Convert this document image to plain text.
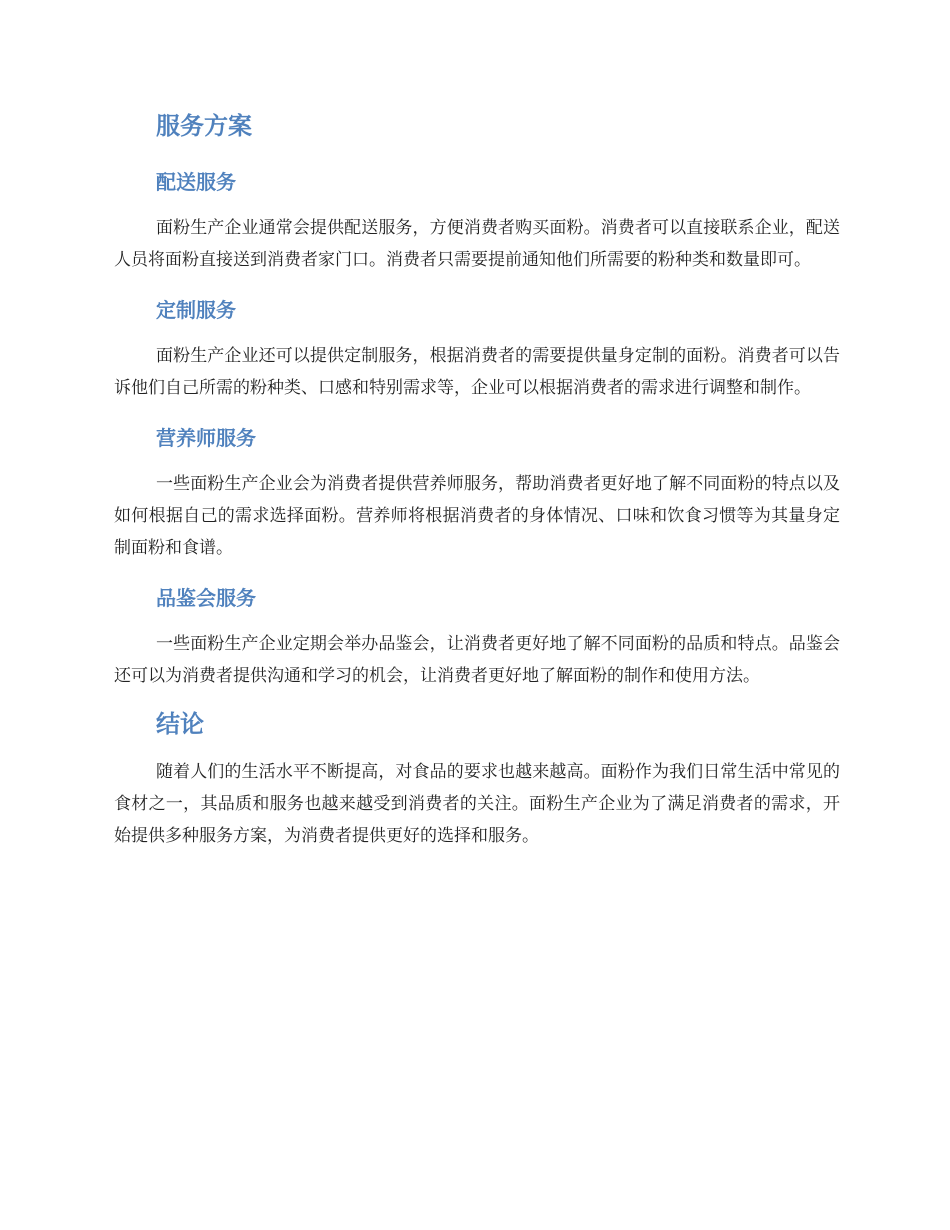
服务方案
配送服务

面粉生产企业通常会提供配送服务，方便消费者购买面粉。消费者可以直接联系企业，配送人员将面粉直接送到消费者家门口。消费者只需要提前通知他们所需要的粉种类和数量即可。

定制服务

面粉生产企业还可以提供定制服务，根据消费者的需要提供量身定制的面粉。消费者可以告诉他们自己所需的粉种类、口感和特别需求等，企业可以根据消费者的需求进行调整和制作。

营养师服务

一些面粉生产企业会为消费者提供营养师服务，帮助消费者更好地了解不同面粉的特点以及如何根据自己的需求选择面粉。营养师将根据消费者的身体情况、口味和饮食习惯等为其量身定制面粉和食谱。

品鉴会服务

一些面粉生产企业定期会举办品鉴会，让消费者更好地了解不同面粉的品质和特点。品鉴会还可以为消费者提供沟通和学习的机会，让消费者更好地了解面粉的制作和使用方法。

结论

随着人们的生活水平不断提高，对食品的要求也越来越高。面粉作为我们日常生活中常见的食材之一，其品质和服务也越来越受到消费者的关注。面粉生产企业为了满足消费者的需求，开始提供多种服务方案，为消费者提供更好的选择和服务。
